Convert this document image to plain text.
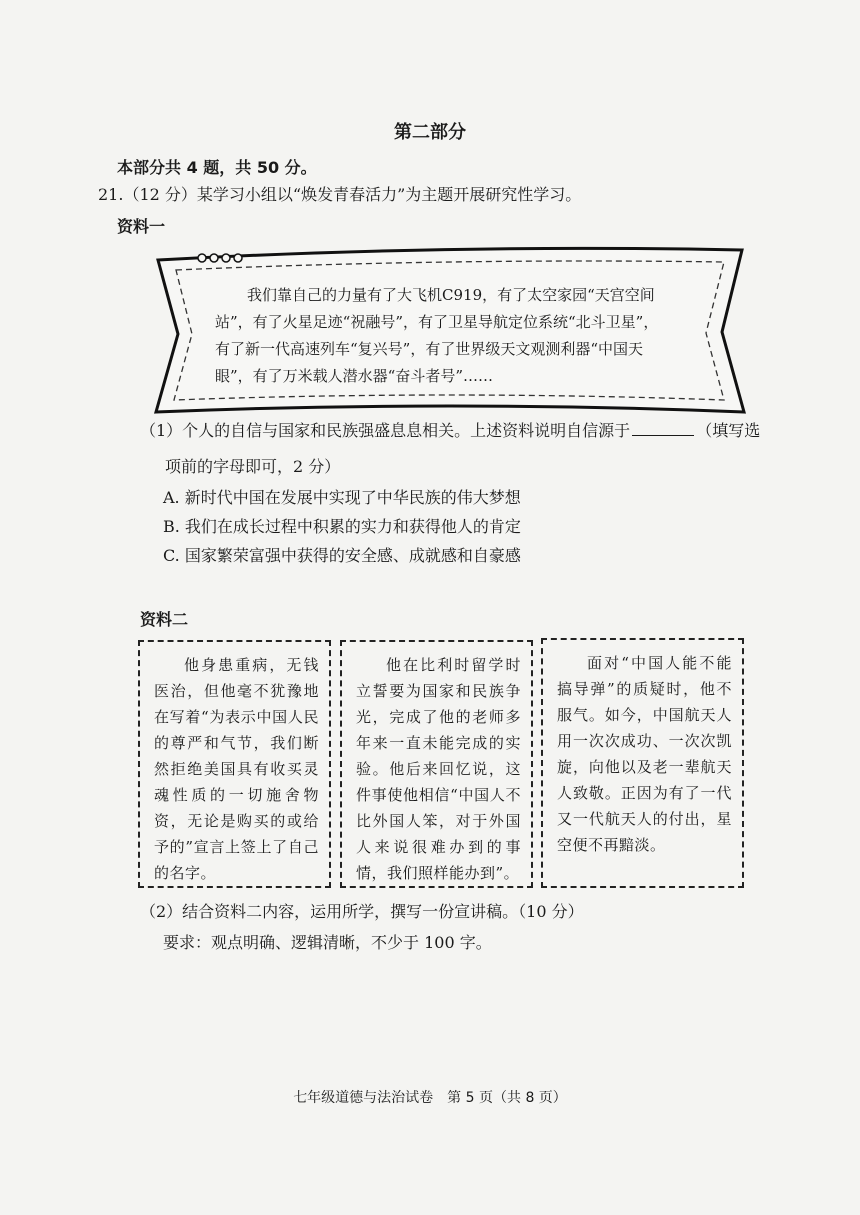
第二部分
本部分共 4 题，共 50 分。
21.（12 分）某学习小组以“焕发青春活力”为主题开展研究性学习。
资料一

我们靠自己的力量有了大飞机C919，有了太空家园“天宫空间

站”，有了火星足迹“祝融号”，有了卫星导航定位系统“北斗卫星”，

有了新一代高速列车“复兴号”，有了世界级天文观测利器“中国天

眼”，有了万米载人潜水器“奋斗者号”……

（1）个人的自信与国家和民族强盛息息相关。上述资料说明自信源于	（填写选
项前的字母即可，2 分）
A. 新时代中国在发展中实现了中华民族的伟大梦想
B. 我们在成长过程中积累的实力和获得他人的肯定
C. 国家繁荣富强中获得的安全感、成就感和自豪感
资料二
他身患重病，无钱医治，但他毫不犹豫地在写着“为表示中国人民的尊严和气节，我们断然拒绝美国具有收买灵魂性质的一切施舍物资，无论是购买的或给予的”宣言上签上了自己的名字。
他在比利时留学时立誓要为国家和民族争光，完成了他的老师多年来一直未能完成的实验。他后来回忆说，这件事使他相信“中国人不比外国人笨，对于外国人来说很难办到的事情，我们照样能办到”。
面对“中国人能不能搞导弹”的质疑时，他不服气。如今，中国航天人用一次次成功、一次次凯旋，向他以及老一辈航天人致敬。正因为有了一代又一代航天人的付出，星空便不再黯淡。
（2）结合资料二内容，运用所学，撰写一份宣讲稿。（10 分）
要求：观点明确、逻辑清晰，不少于 100 字。
七年级道德与法治试卷　第 5 页（共 8 页）
